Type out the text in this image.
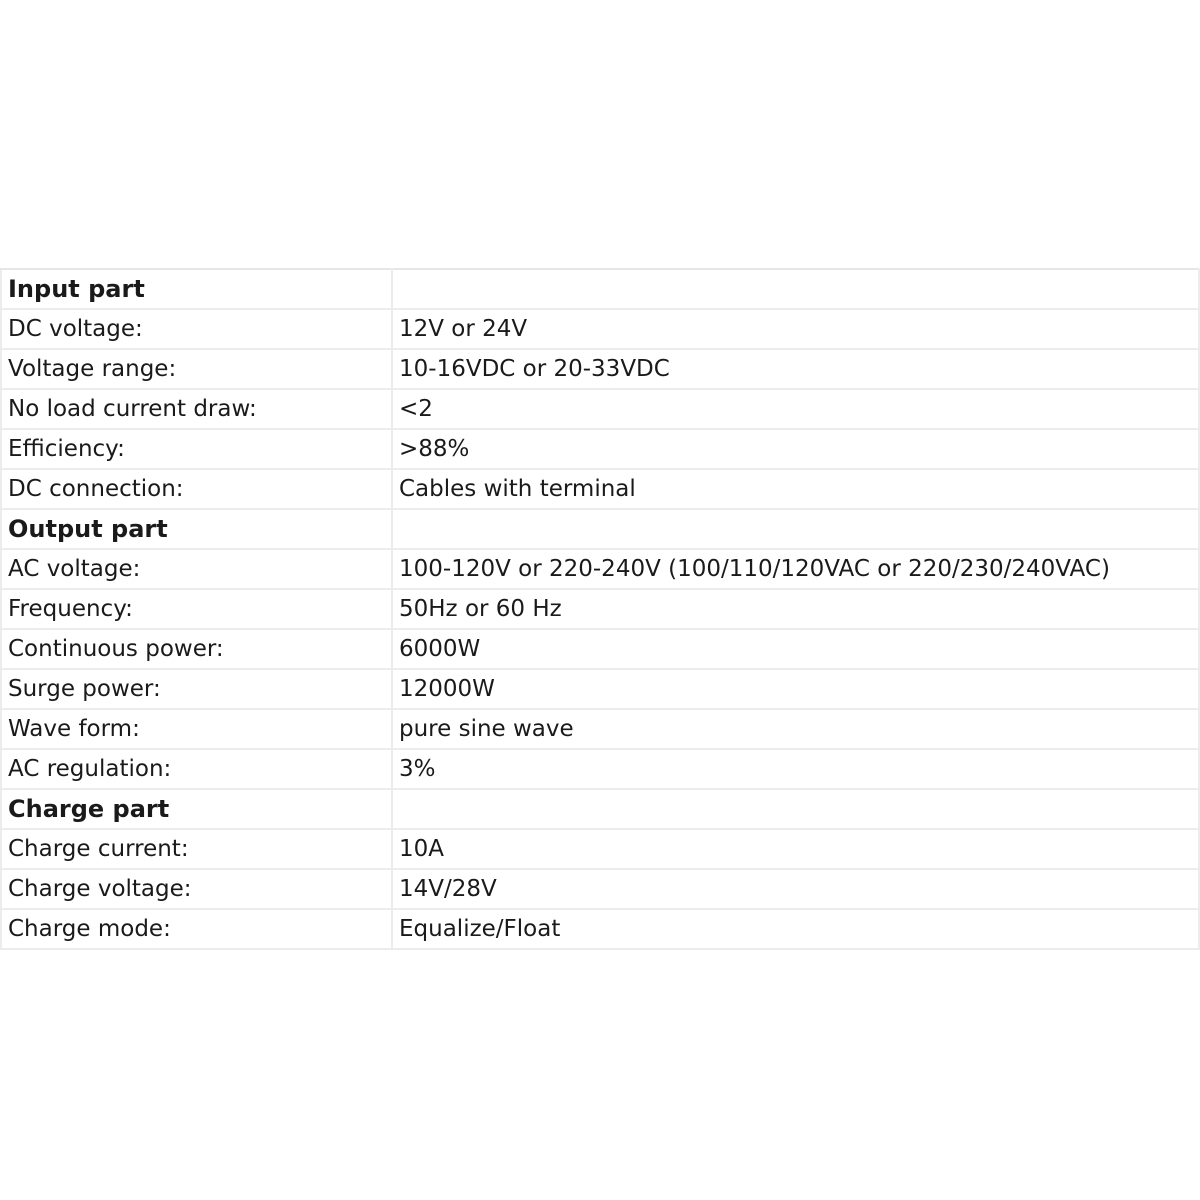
Input part	
DC voltage:	12V or 24V
Voltage range:	10-16VDC or 20-33VDC
No load current draw:	<2
Efficiency:	>88%
DC connection:	Cables with terminal
Output part	
AC voltage:	100-120V or 220-240V (100/110/120VAC or 220/230/240VAC)
Frequency:	50Hz or 60 Hz
Continuous power:	6000W
Surge power:	12000W
Wave form:	pure sine wave
AC regulation:	3%
Charge part	
Charge current:	10A
Charge voltage:	14V/28V
Charge mode:	Equalize/Float
